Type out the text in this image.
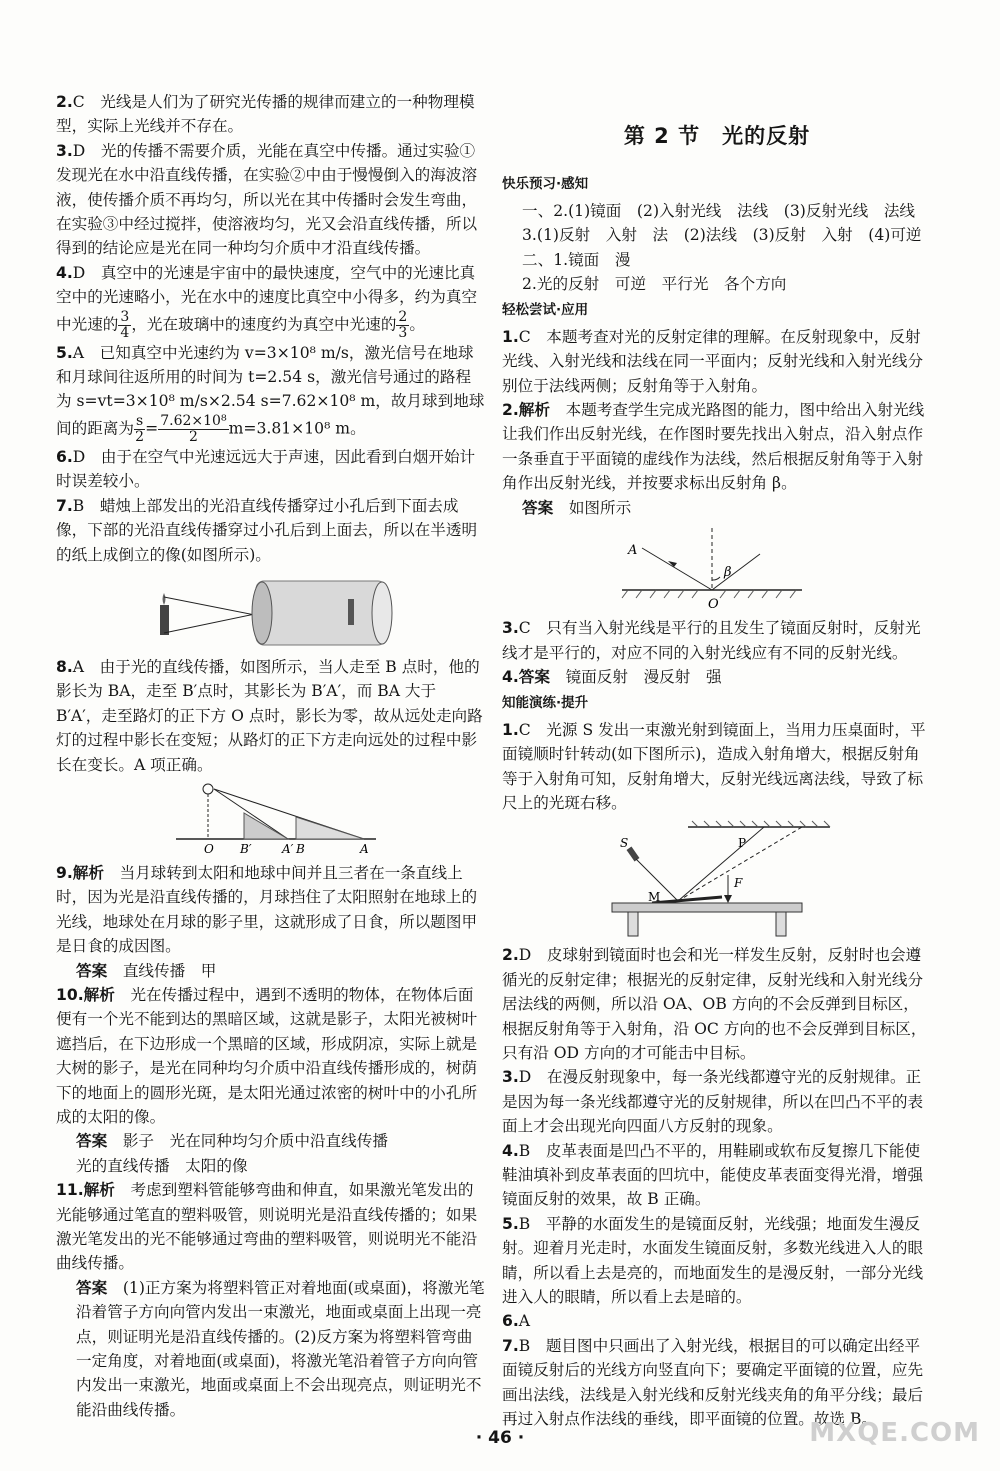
2.C　光线是人们为了研究光传播的规律而建立的一种物理模型，实际上光线并不存在。

3.D　光的传播不需要介质，光能在真空中传播。通过实验①发现光在水中沿直线传播，在实验②中由于慢慢倒入的海波溶液，使传播介质不再均匀，所以光在其中传播时会发生弯曲，在实验③中经过搅拌，使溶液均匀，光又会沿直线传播，所以得到的结论应是光在同一种均匀介质中才沿直线传播。

4.D　真空中的光速是宇宙中的最快速度，空气中的光速比真空中的光速略小，光在水中的速度比真空中小得多，约为真空中光速的 $\frac{3}{4}$ ，光在玻璃中的速度约为真空中光速的 $\frac{2}{3}$ 。

5.A　已知真空中光速约为 v=3×10⁸ m/s，激光信号在地球和月球间往返所用的时间为 t=2.54 s，激光信号通过的路程为 s=vt=3×10⁸ m/s×2.54 s=7.62×10⁸ m，故月球到地球间的距离为 $\frac{s}{2} = \frac{\text{7.62×10⁸}}{2} m=3.81\times 10^8$ m。

6.D　由于在空气中光速远远大于声速，因此看到白烟开始计时误差较小。

7.B　蜡烛上部发出的光沿直线传播穿过小孔后到下面去成像，下部的光沿直线传播穿过小孔后到上面去，所以在半透明的纸上成倒立的像(如图所示)。

8.A　由于光的直线传播，如图所示，当人走至 B 点时，他的影长为 BA，走至 B′点时，其影长为 B′A′，而 BA 大于 B′A′，走至路灯的正下方 O 点时，影长为零，故从远处走向路灯的过程中影长在变短；从路灯的正下方走向远处的过程中影长在变长。A 项正确。

O B′	A′ B	A

9.解析　 当月球转到太阳和地球中间并且三者在一条直线上时，因为光是沿直线传播的，月球挡住了太阳照射在地球上的光线，地球处在月球的影子里，这就形成了日食，所以题图甲是日食的成因图。

答案　 直线传播　甲

10.解析　 光在传播过程中，遇到不透明的物体，在物体后面便有一个光不能到达的黑暗区域，这就是影子，太阳光被树叶遮挡后，在下边形成一个黑暗的区域，形成阴凉，实际上就是大树的影子，是光在同种均匀介质中沿直线传播形成的，树荫下的地面上的圆形光斑，是太阳光通过浓密的树叶中的小孔所成的太阳的像。

答案　 影子　光在同种均匀介质中沿直线传播

光的直线传播　太阳的像

11.解析　 考虑到塑料管能够弯曲和伸直，如果激光笔发出的光能够通过笔直的塑料吸管，则说明光是沿直线传播的；如果激光笔发出的光不能够通过弯曲的塑料吸管，则说明光不能沿曲线传播。

答案　 (1)正方案为将塑料管正对着地面(或桌面)，将激光笔沿着管子方向向管内发出一束激光，地面或桌面上出现一亮点，则证明光是沿直线传播的。(2)反方案为将塑料管弯曲一定角度，对着地面(或桌面)，将激光笔沿着管子方向向管内发出一束激光，地面或桌面上不会出现亮点，则证明光不能沿曲线传播。

第 2 节　光的反射
快乐预习·感知

一、2.(1)镜面　(2)入射光线　法线　(3)反射光线　法线

3.(1)反射　入射　法　(2)法线　(3)反射　入射　(4)可逆

二、1.镜面　漫

2.光的反射　可逆　平行光　各个方向

轻松尝试·应用

1.C　本题考查对光的反射定律的理解。在反射现象中，反射光线、入射光线和法线在同一平面内；反射光线和入射光线分别位于法线两侧；反射角等于入射角。

2.解析　 本题考查学生完成光路图的能力，图中给出入射光线让我们作出反射光线，在作图时要先找出入射点，沿入射点作一条垂直于平面镜的虚线作为法线，然后根据反射角等于入射角作出反射光线，并按要求标出反射角 β。

答案　 如图所示

A
β
O

3.C　只有当入射光线是平行的且发生了镜面反射时，反射光线才是平行的，对应不同的入射光线应有不同的反射光线。

4.答案　 镜面反射　漫反射　强

知能演练·提升

1.C　光源 S 发出一束激光射到镜面上，当用力压桌面时，平面镜顺时针转动(如下图所示)，造成入射角增大，根据反射角等于入射角可知，反射角增大，反射光线远离法线，导致了标尺上的光斑右移。

S	P
M
F

2.D　皮球射到镜面时也会和光一样发生反射，反射时也会遵循光的反射定律；根据光的反射定律，反射光线和入射光线分居法线的两侧，所以沿 OA、OB 方向的不会反弹到目标区，根据反射角等于入射角，沿 OC 方向的也不会反弹到目标区，只有沿 OD 方向的才可能击中目标。

3.D　在漫反射现象中，每一条光线都遵守光的反射规律。正是因为每一条光线都遵守光的反射规律，所以在凹凸不平的表面上才会出现光向四面八方反射的现象。

4.B　皮革表面是凹凸不平的，用鞋刷或软布反复擦几下能使鞋油填补到皮革表面的凹坑中，能使皮革表面变得光滑，增强镜面反射的效果，故 B 正确。

5.B　平静的水面发生的是镜面反射，光线强；地面发生漫反射。迎着月光走时，水面发生镜面反射，多数光线进入人的眼睛，所以看上去是亮的，而地面发生的是漫反射，一部分光线进入人的眼睛，所以看上去是暗的。

6.A

7.B　题目图中只画出了入射光线，根据目的可以确定出经平面镜反射后的光线方向竖直向下；要确定平面镜的位置，应先画出法线，法线是入射光线和反射光线夹角的角平分线；最后再过入射点作法线的垂线，即平面镜的位置。故选 B。

· 46 ·	MXQE.COM
